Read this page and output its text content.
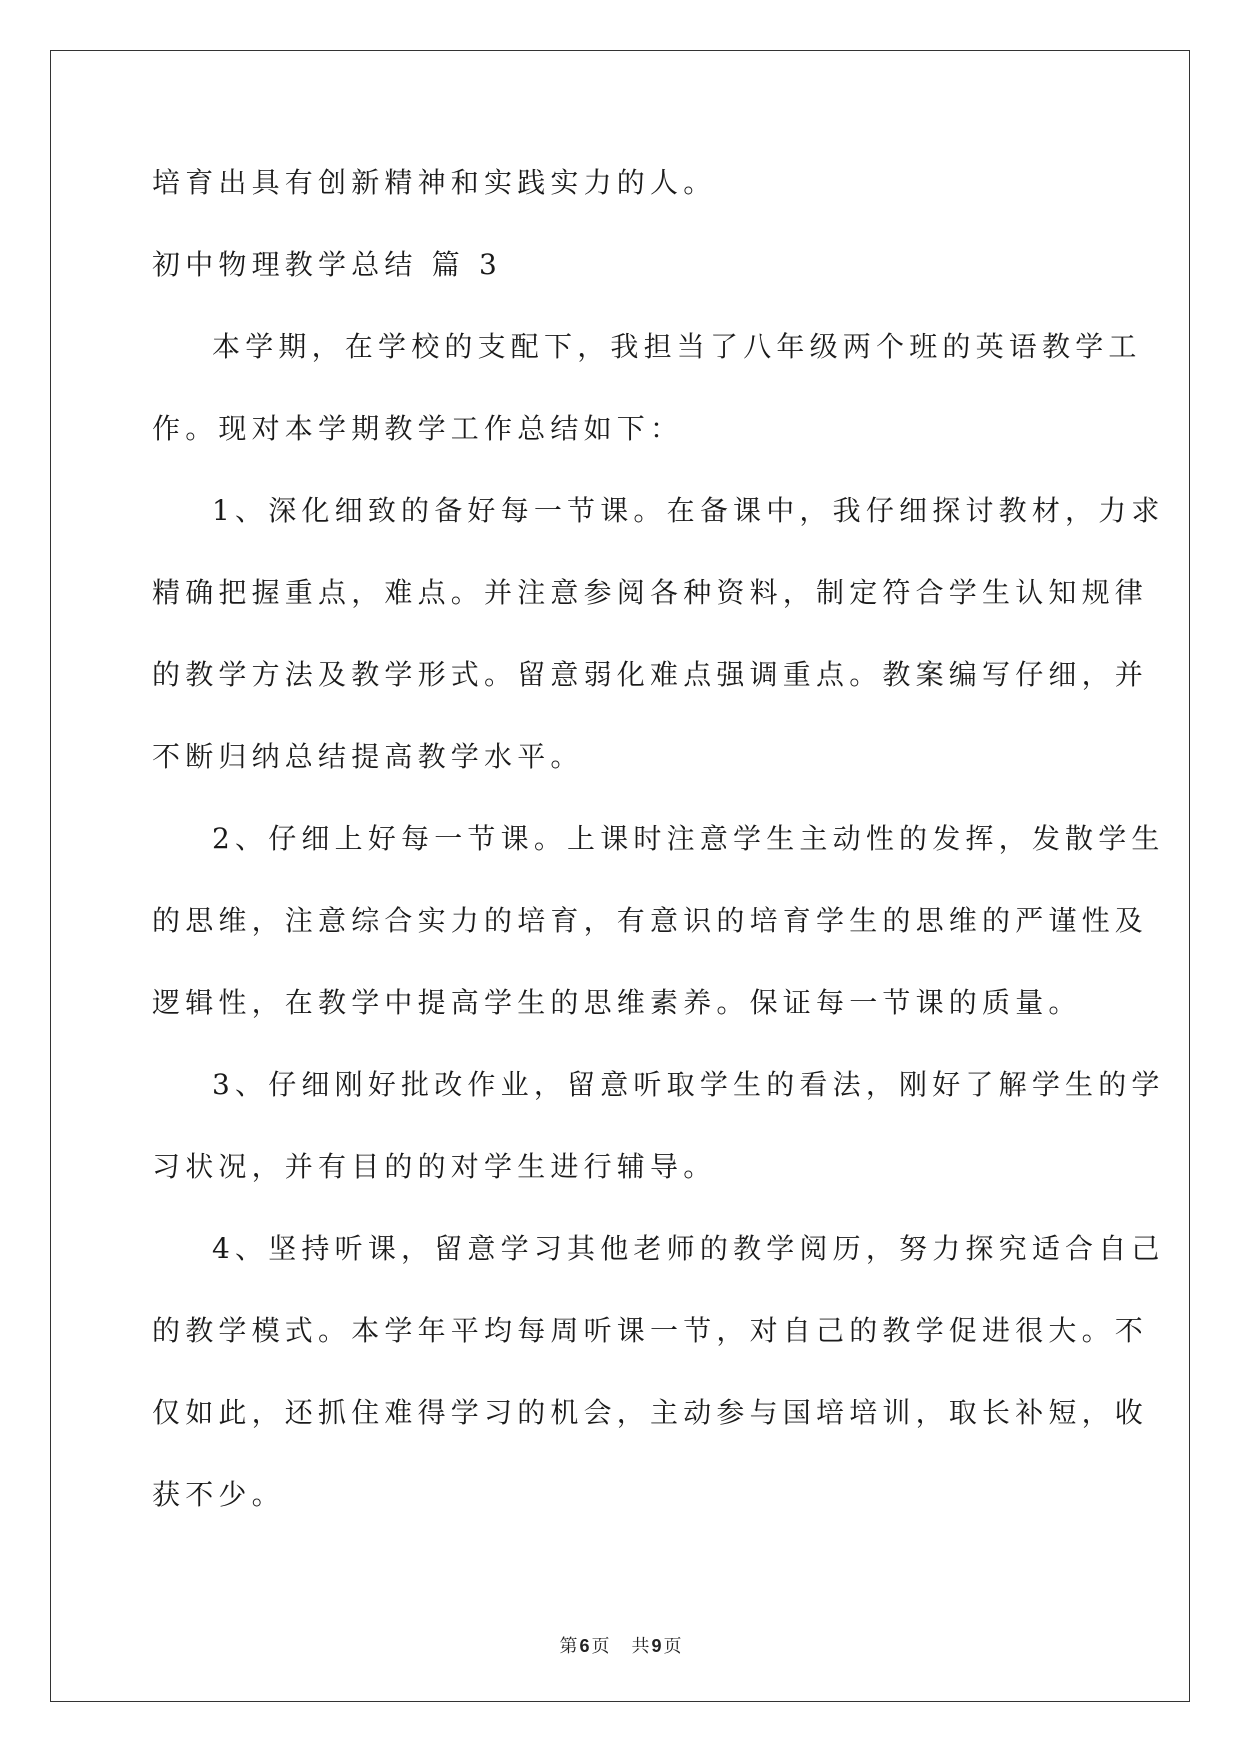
培育出具有创新精神和实践实力的人。
初中物理教学总结 篇 3
本学期，在学校的支配下，我担当了八年级两个班的英语教学工
作。现对本学期教学工作总结如下：
1、深化细致的备好每一节课。在备课中，我仔细探讨教材，力求
精确把握重点，难点。并注意参阅各种资料，制定符合学生认知规律
的教学方法及教学形式。留意弱化难点强调重点。教案编写仔细，并
不断归纳总结提高教学水平。
2、仔细上好每一节课。上课时注意学生主动性的发挥，发散学生
的思维，注意综合实力的培育，有意识的培育学生的思维的严谨性及
逻辑性，在教学中提高学生的思维素养。保证每一节课的质量。
3、仔细刚好批改作业，留意听取学生的看法，刚好了解学生的学
习状况，并有目的的对学生进行辅导。
4、坚持听课，留意学习其他老师的教学阅历，努力探究适合自己
的教学模式。本学年平均每周听课一节，对自己的教学促进很大。不
仅如此，还抓住难得学习的机会，主动参与国培培训，取长补短，收
获不少。
第 6 页 共 9 页
